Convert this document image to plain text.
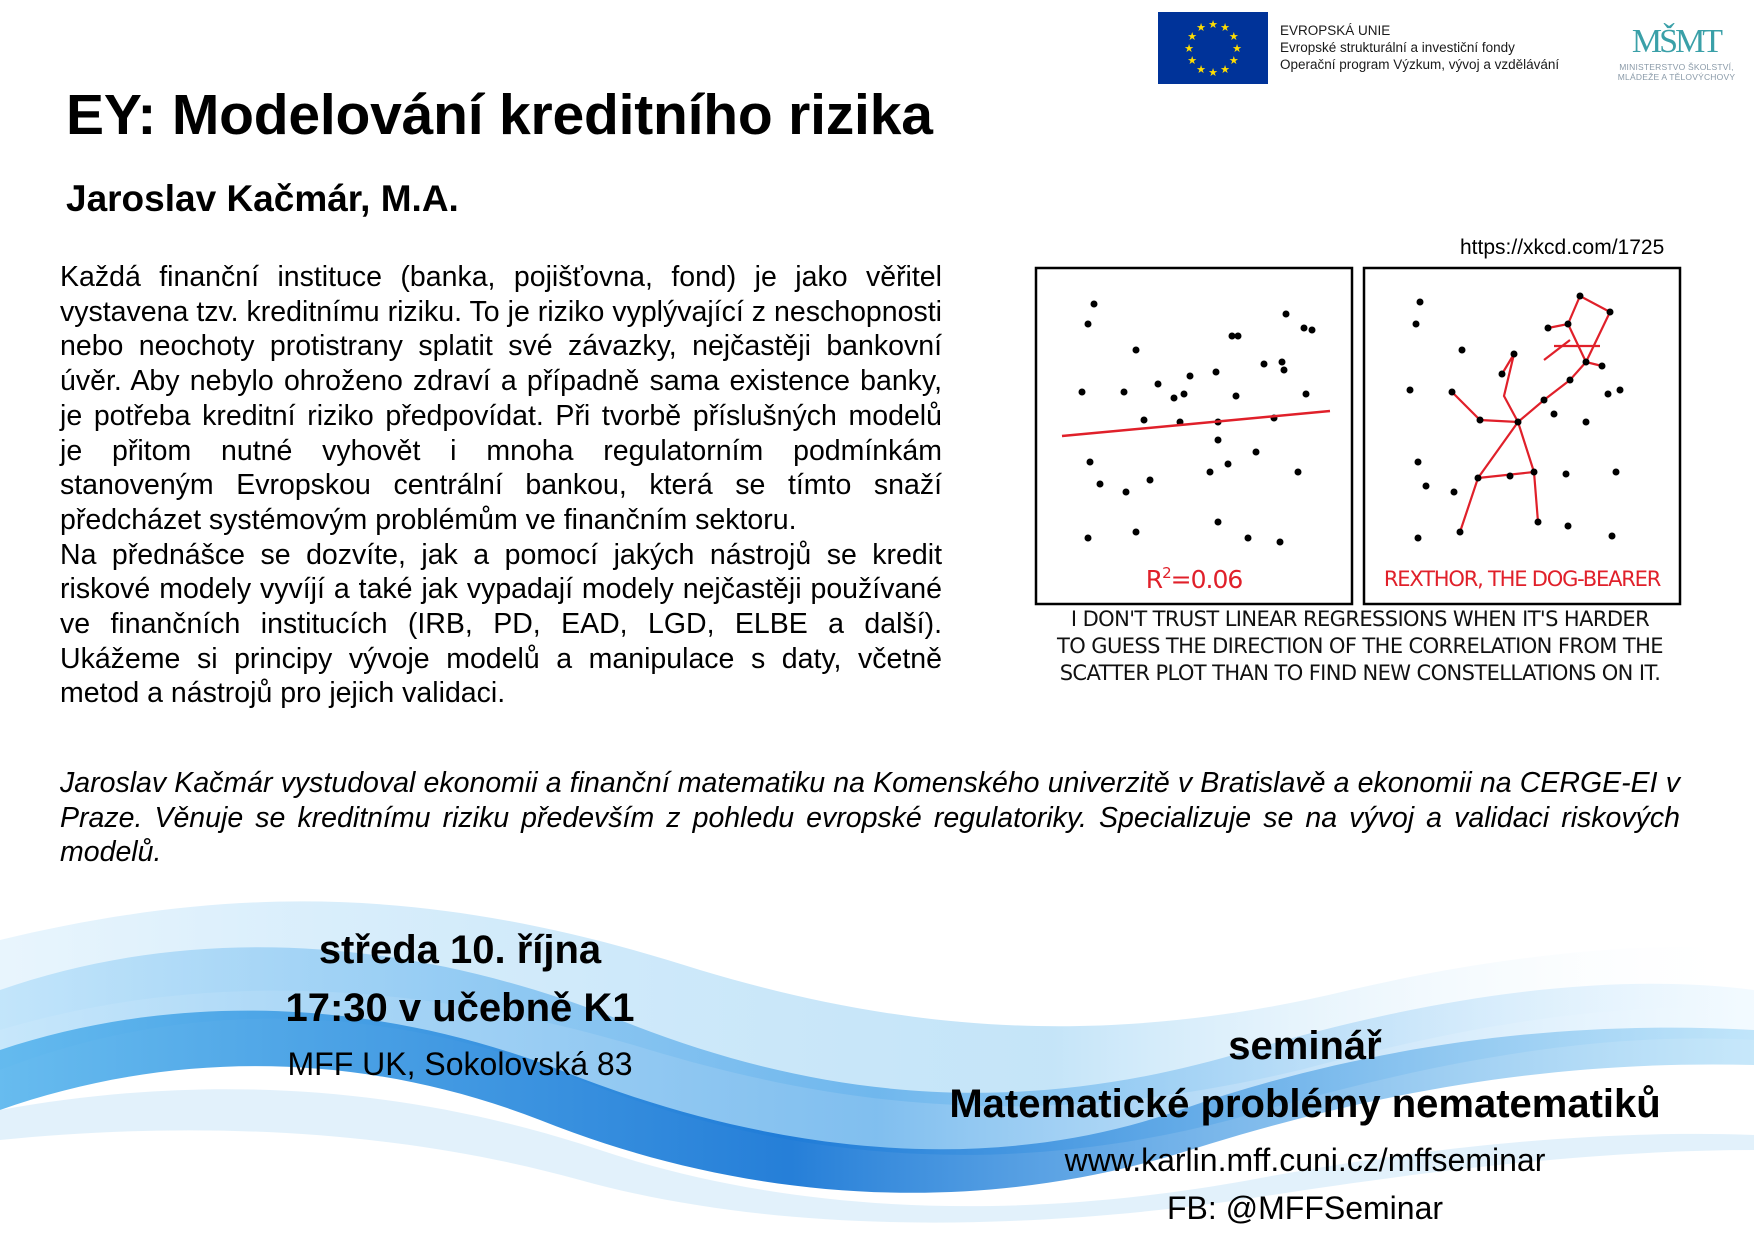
★ ★
★
★
★
★
★
★
★
★
★
★	EVROPSKÁ UNIE
Evropské strukturální a investiční fondy
Operační program Výzkum, vývoj a vzdělávání
MŠMT
MINISTERSTVO ŠKOLSTVÍ,
MLÁDEŽE A TĚLOVÝCHOVY
EY: Modelování kreditního rizika
Jaroslav Kačmár, M.A.

Každá finanční instituce (banka, pojišťovna, fond) je jako věřitel vystavena tzv. kreditnímu riziku. To je riziko vyplývající z neschopnosti nebo neochoty protistrany splatit své závazky, nejčastěji bankovní úvěr. Aby nebylo ohroženo zdraví a případně sama existence banky, je potřeba kreditní riziko předpovídat. Při tvorbě příslušných modelů je přitom nutné vyhovět i mnoha regulatorním podmínkám stanoveným Evropskou centrální bankou, která se tímto snaží předcházet systémovým problémům ve finančním sektoru.

Na přednášce se dozvíte, jak a pomocí jakých nástrojů se kredit riskové modely vyvíjí a také jak vypadají modely nejčastěji používané ve finančních institucích (IRB, PD, EAD, LGD, ELBE a další). Ukážeme si principy vývoje modelů a manipulace s daty, včetně metod a nástrojů pro jejich validaci.

https://xkcd.com/1725
$R^2=0.06$	REXTHOR, THE DOG-BEARER
I DON'T TRUST LINEAR REGRESSIONS WHEN IT'S HARDER
TO GUESS THE DIRECTION OF THE CORRELATION FROM THE
SCATTER PLOT THAN TO FIND NEW CONSTELLATIONS ON IT.

Jaroslav Kačmár vystudoval ekonomii a finanční matematiku na Komenského univerzitě v Bratislavě a ekonomii na CERGE-EI v Praze. Věnuje se kreditnímu riziku především z pohledu evropské regulatoriky. Specializuje se na vývoj a validaci riskových modelů.

středa 10. října
17:30 v učebně K1
MFF UK, Sokolovská 83	seminář
Matematické problémy nematematiků
www.karlin.mff.cuni.cz/mffseminar
FB: @MFFSeminar
